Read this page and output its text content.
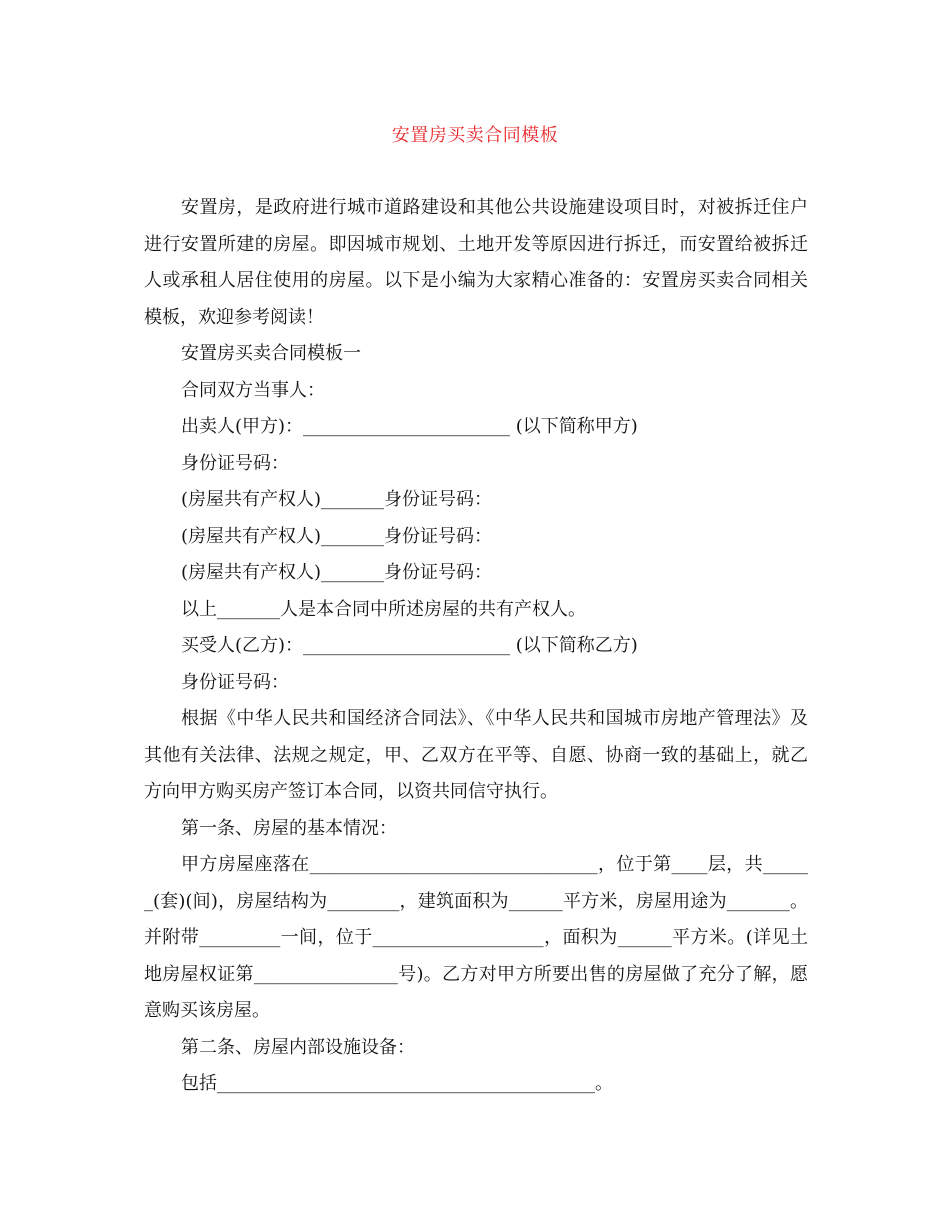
安置房买卖合同模板

安置房，是政府进行城市道路建设和其他公共设施建设项目时，对被拆迁住户进行安置所建的房屋。即因城市规划、土地开发等原因进行拆迁，而安置给被拆迁人或承租人居住使用的房屋。以下是小编为大家精心准备的：安置房买卖合同相关模板，欢迎参考阅读！

安置房买卖合同模板一

合同双方当事人：

出卖人(甲方)：_______________________ (以下简称甲方)

身份证号码：

(房屋共有产权人)_______身份证号码：

(房屋共有产权人)_______身份证号码：

(房屋共有产权人)_______身份证号码：

以上_______人是本合同中所述房屋的共有产权人。

买受人(乙方)：_______________________ (以下简称乙方)

身份证号码：

根据《中华人民共和国经济合同法》、《中华人民共和国城市房地产管理法》及其他有关法律、法规之规定，甲、乙双方在平等、自愿、协商一致的基础上，就乙方向甲方购买房产签订本合同，以资共同信守执行。

第一条、房屋的基本情况：

甲方房屋座落在________________________________，位于第____层，共______(套)(间)，房屋结构为________，建筑面积为______平方米，房屋用途为_______。并附带_________一间，位于___________________，面积为______平方米。(详见土地房屋权证第________________号)。乙方对甲方所要出售的房屋做了充分了解，愿意购买该房屋。

第二条、房屋内部设施设备：

包括__________________________________________。
